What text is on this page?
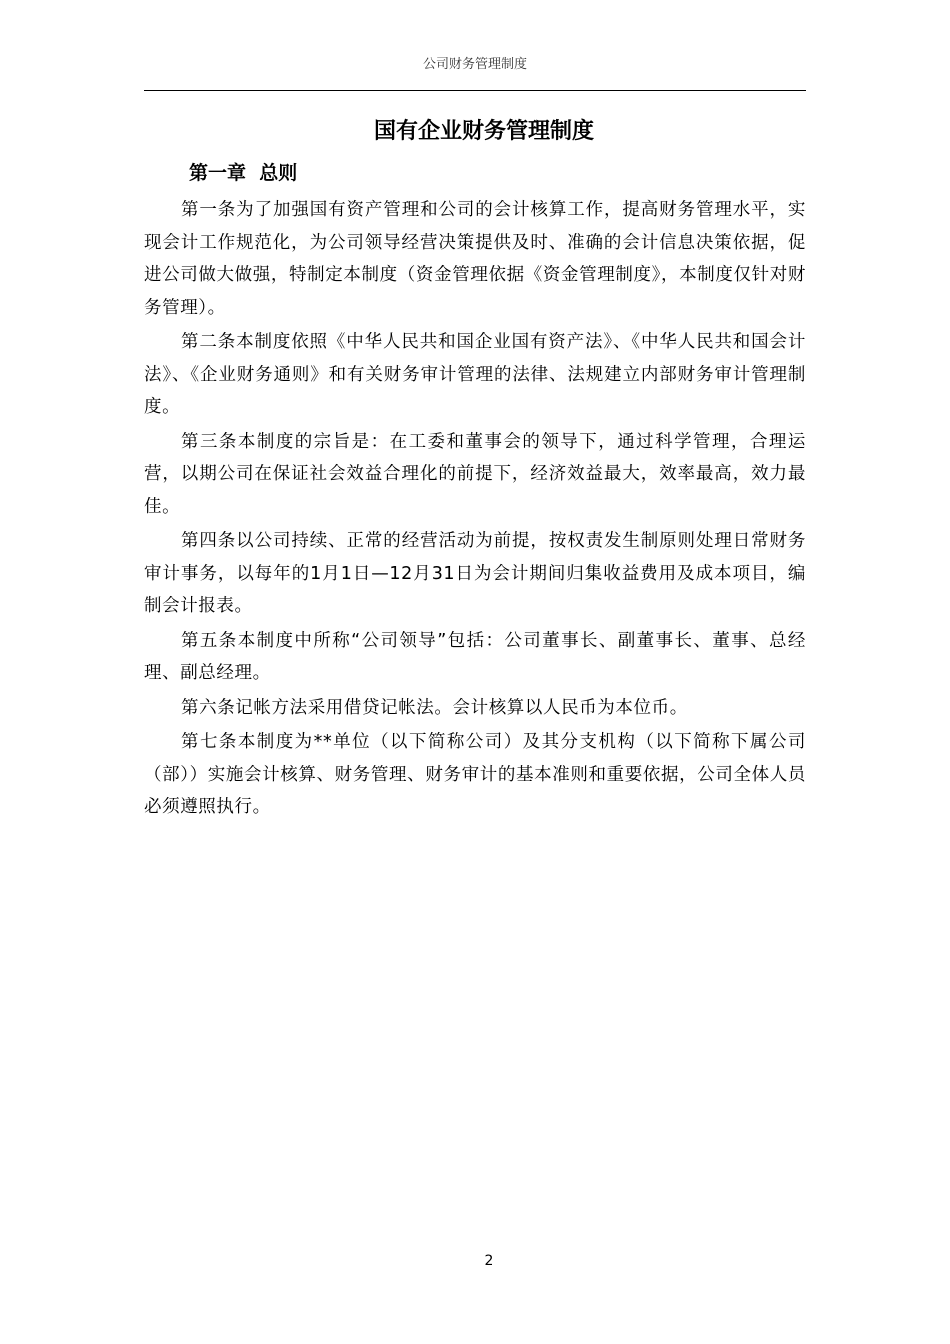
公司财务管理制度
国有企业财务管理制度
第一章  总则

第一条为了加强国有资产管理和公司的会计核算工作，提高财务管理水平，实现会计工作规范化，为公司领导经营决策提供及时、准确的会计信息决策依据，促进公司做大做强，特制定本制度（资金管理依据《资金管理制度》，本制度仅针对财务管理）。

第二条本制度依照《中华人民共和国企业国有资产法》、《中华人民共和国会计法》、《企业财务通则》和有关财务审计管理的法律、法规建立内部财务审计管理制度。

第三条本制度的宗旨是：在工委和董事会的领导下，通过科学管理，合理运营，以期公司在保证社会效益合理化的前提下，经济效益最大，效率最高，效力最佳。

第四条以公司持续、正常的经营活动为前提，按权责发生制原则处理日常财务审计事务，以每年的1月1日—12月31日为会计期间归集收益费用及成本项目，编制会计报表。

第五条本制度中所称“公司领导”包括：公司董事长、副董事长、董事、总经理、副总经理。

第六条记帐方法采用借贷记帐法。会计核算以人民币为本位币。

第七条本制度为**单位（以下简称公司）及其分支机构（以下简称下属公司（部））实施会计核算、财务管理、财务审计的基本准则和重要依据，公司全体人员必须遵照执行。

2
